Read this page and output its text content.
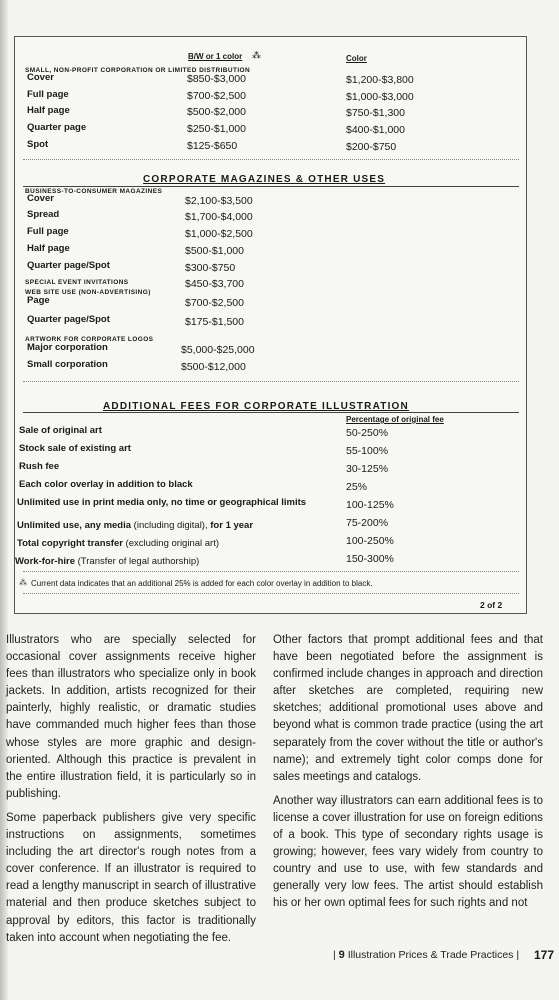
B/W or 1 color ⁂	Color
SMALL, NON-PROFIT CORPORATION OR LIMITED DISTRIBUTION
Cover	$850-$3,000	$1,200-$3,800
Full page	$700-$2,500	$1,000-$3,000
Half page	$500-$2,000	$750-$1,300
Quarter page	$250-$1,000	$400-$1,000
Spot	$125-$650	$200-$750
CORPORATE MAGAZINES & OTHER USES
BUSINESS-TO-CONSUMER MAGAZINES
Cover	$2,100-$3,500
Spread	$1,700-$4,000
Full page	$1,000-$2,500
Half page	$500-$1,000
Quarter page/Spot	$300-$750
SPECIAL EVENT INVITATIONS	$450-$3,700
WEB SITE USE (NON-ADVERTISING)
Page	$700-$2,500
Quarter page/Spot	$175-$1,500
ARTWORK FOR CORPORATE LOGOS
Major corporation	$5,000-$25,000
Small corporation	$500-$12,000
ADDITIONAL FEES FOR CORPORATE ILLUSTRATION
Percentage of original fee
Sale of original art	50-250%
Stock sale of existing art	55-100%
Rush fee	30-125%
Each color overlay in addition to black	25%
Unlimited use in print media only, no time or geographical limits	100-125%
Unlimited use, any media (including digital), for 1 year	75-200%
Total copyright transfer (excluding original art)	100-250%
Work-for-hire (Transfer of legal authorship)	150-300%
⁂ Current data indicates that an additional 25% is added for each color overlay in addition to black.
2 of 2

Illustrators who are specially selected for occasional cover assignments receive higher fees than illustrators who specialize only in book jackets. In addition, artists recognized for their painterly, highly realistic, or dramatic studies have commanded much higher fees than those whose styles are more graphic and design-oriented. Although this practice is prevalent in the entire illustration field, it is particularly so in publishing.

Some paperback publishers give very specific instructions on assignments, sometimes including the art director's rough notes from a cover conference. If an illustrator is required to read a lengthy manuscript in search of illustrative material and then produce sketches subject to approval by editors, this factor is traditionally taken into account when negotiating the fee.

Other factors that prompt additional fees and that have been negotiated before the assignment is confirmed include changes in approach and direction after sketches are completed, requiring new sketches; additional promotional uses above and beyond what is common trade practice (using the art separately from the cover without the title or author's name); and extremely tight color comps done for sales meetings and catalogs.

Another way illustrators can earn additional fees is to license a cover illustration for use on foreign editions of a book. This type of secondary rights usage is growing; however, fees vary widely from country to country and use to use, with few standards and generally very low fees. The artist should establish his or her own optimal fees for such rights and not

| 9 Illustration Prices & Trade Practices | 177
